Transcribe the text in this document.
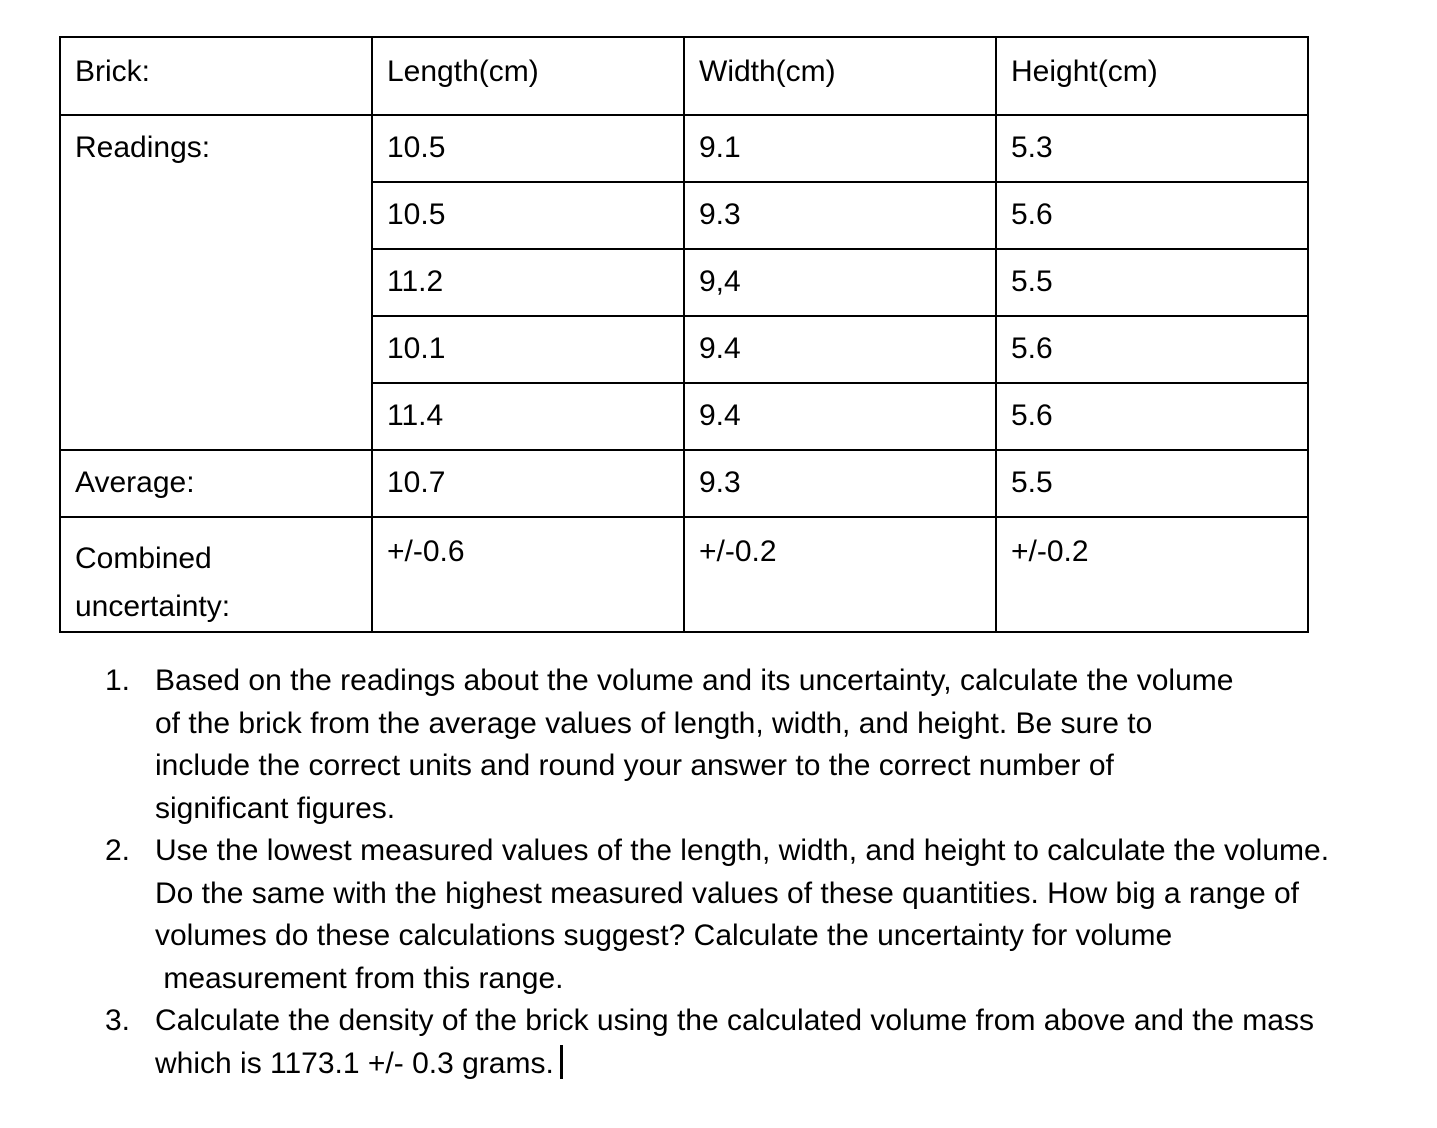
Brick:	Length(cm)	Width(cm)	Height(cm)
Readings:	10.5	9.1	5.3
	10.5	9.3	5.6
	11.2	9,4	5.5
	10.1	9.4	5.6
	11.4	9.4	5.6
Average:	10.7	9.3	5.5

Combined
uncertainty:	+/-0.6	+/-0.2	+/-0.2
1. Based on the readings about the volume and its uncertainty, calculate the volume
of the brick from the average values of length, width, and height. Be sure to
include the correct units and round your answer to the correct number of
significant figures.
2. Use the lowest measured values of the length, width, and height to calculate the volume.
Do the same with the highest measured values of these quantities. How big a range of
volumes do these calculations suggest? Calculate the uncertainty for volume
measurement from this range.
3. Calculate the density of the brick using the calculated volume from above and the mass
which is 1173.1 +/- 0.3 grams.
